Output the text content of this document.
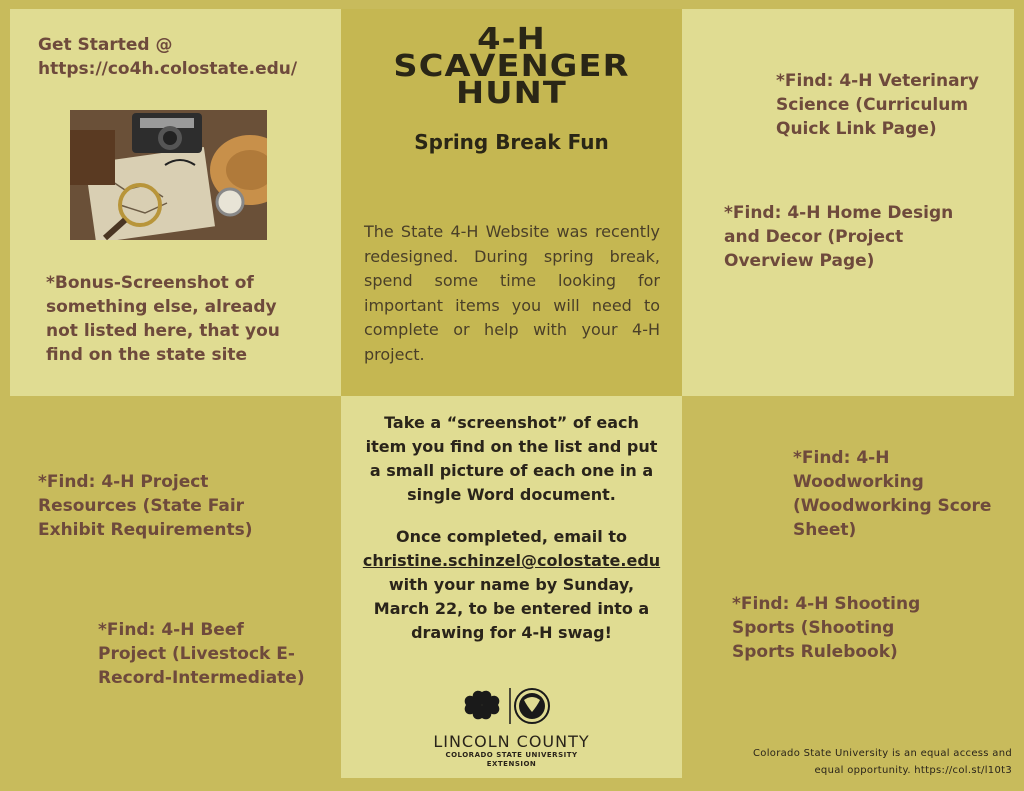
Get Started @ https://co4h.colostate.edu/
*Bonus-Screenshot of something else, already not listed here, that you find on the state site
4-H
SCAVENGER
HUNT
Spring Break Fun
The State 4-H Website was recently redesigned. During spring break, spend some time looking for important items you will need to complete or help with your 4-H project.
*Find: 4-H Veterinary Science (Curriculum Quick Link Page)
*Find: 4-H Home Design and Decor (Project Overview Page)
*Find: 4-H Project Resources (State Fair Exhibit Requirements)
*Find: 4-H Beef Project (Livestock E-Record-Intermediate)
Take a “screenshot” of each item you find on the list and put a small picture of each one in a single Word document.
Once completed, email to
christine.schinzel@colostate.edu
with your name by Sunday, March 22, to be entered into a drawing for 4-H swag!
LINCOLN COUNTY
COLORADO STATE UNIVERSITY
EXTENSION
*Find: 4-H Woodworking (Woodworking Score Sheet)
*Find: 4-H Shooting Sports (Shooting Sports Rulebook)
Colorado State University is an equal access and
equal opportunity. https://col.st/l10t3
